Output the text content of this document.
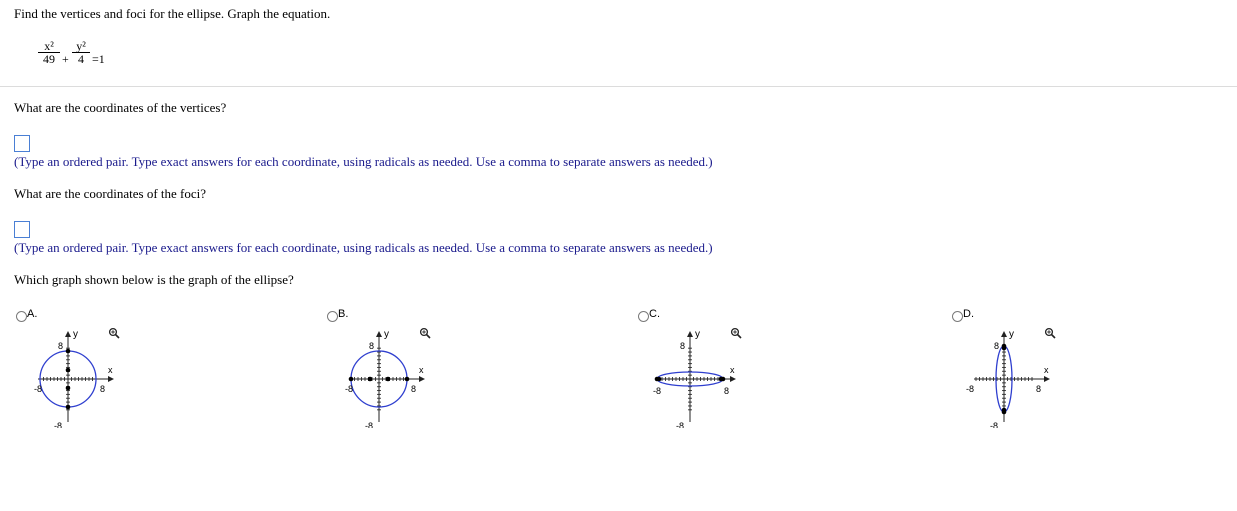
Find the vertices and foci for the ellipse. Graph the equation.
$\frac{\text{x²}}{49} + \frac{\text{y²}}{4} =1$
What are the coordinates of the vertices?
(Type an ordered pair. Type exact answers for each coordinate, using radicals as needed. Use a comma to separate answers as needed.)
What are the coordinates of the foci?
(Type an ordered pair. Type exact answers for each coordinate, using radicals as needed. Use a comma to separate answers as needed.)
Which graph shown below is the graph of the ellipse?
A.
y
x
8
-8
-8	8
B.
y
x
8
-8
-8	8
C.
y
x
8
-8
-8	8
D.
y
x
8
-8
-8	8
